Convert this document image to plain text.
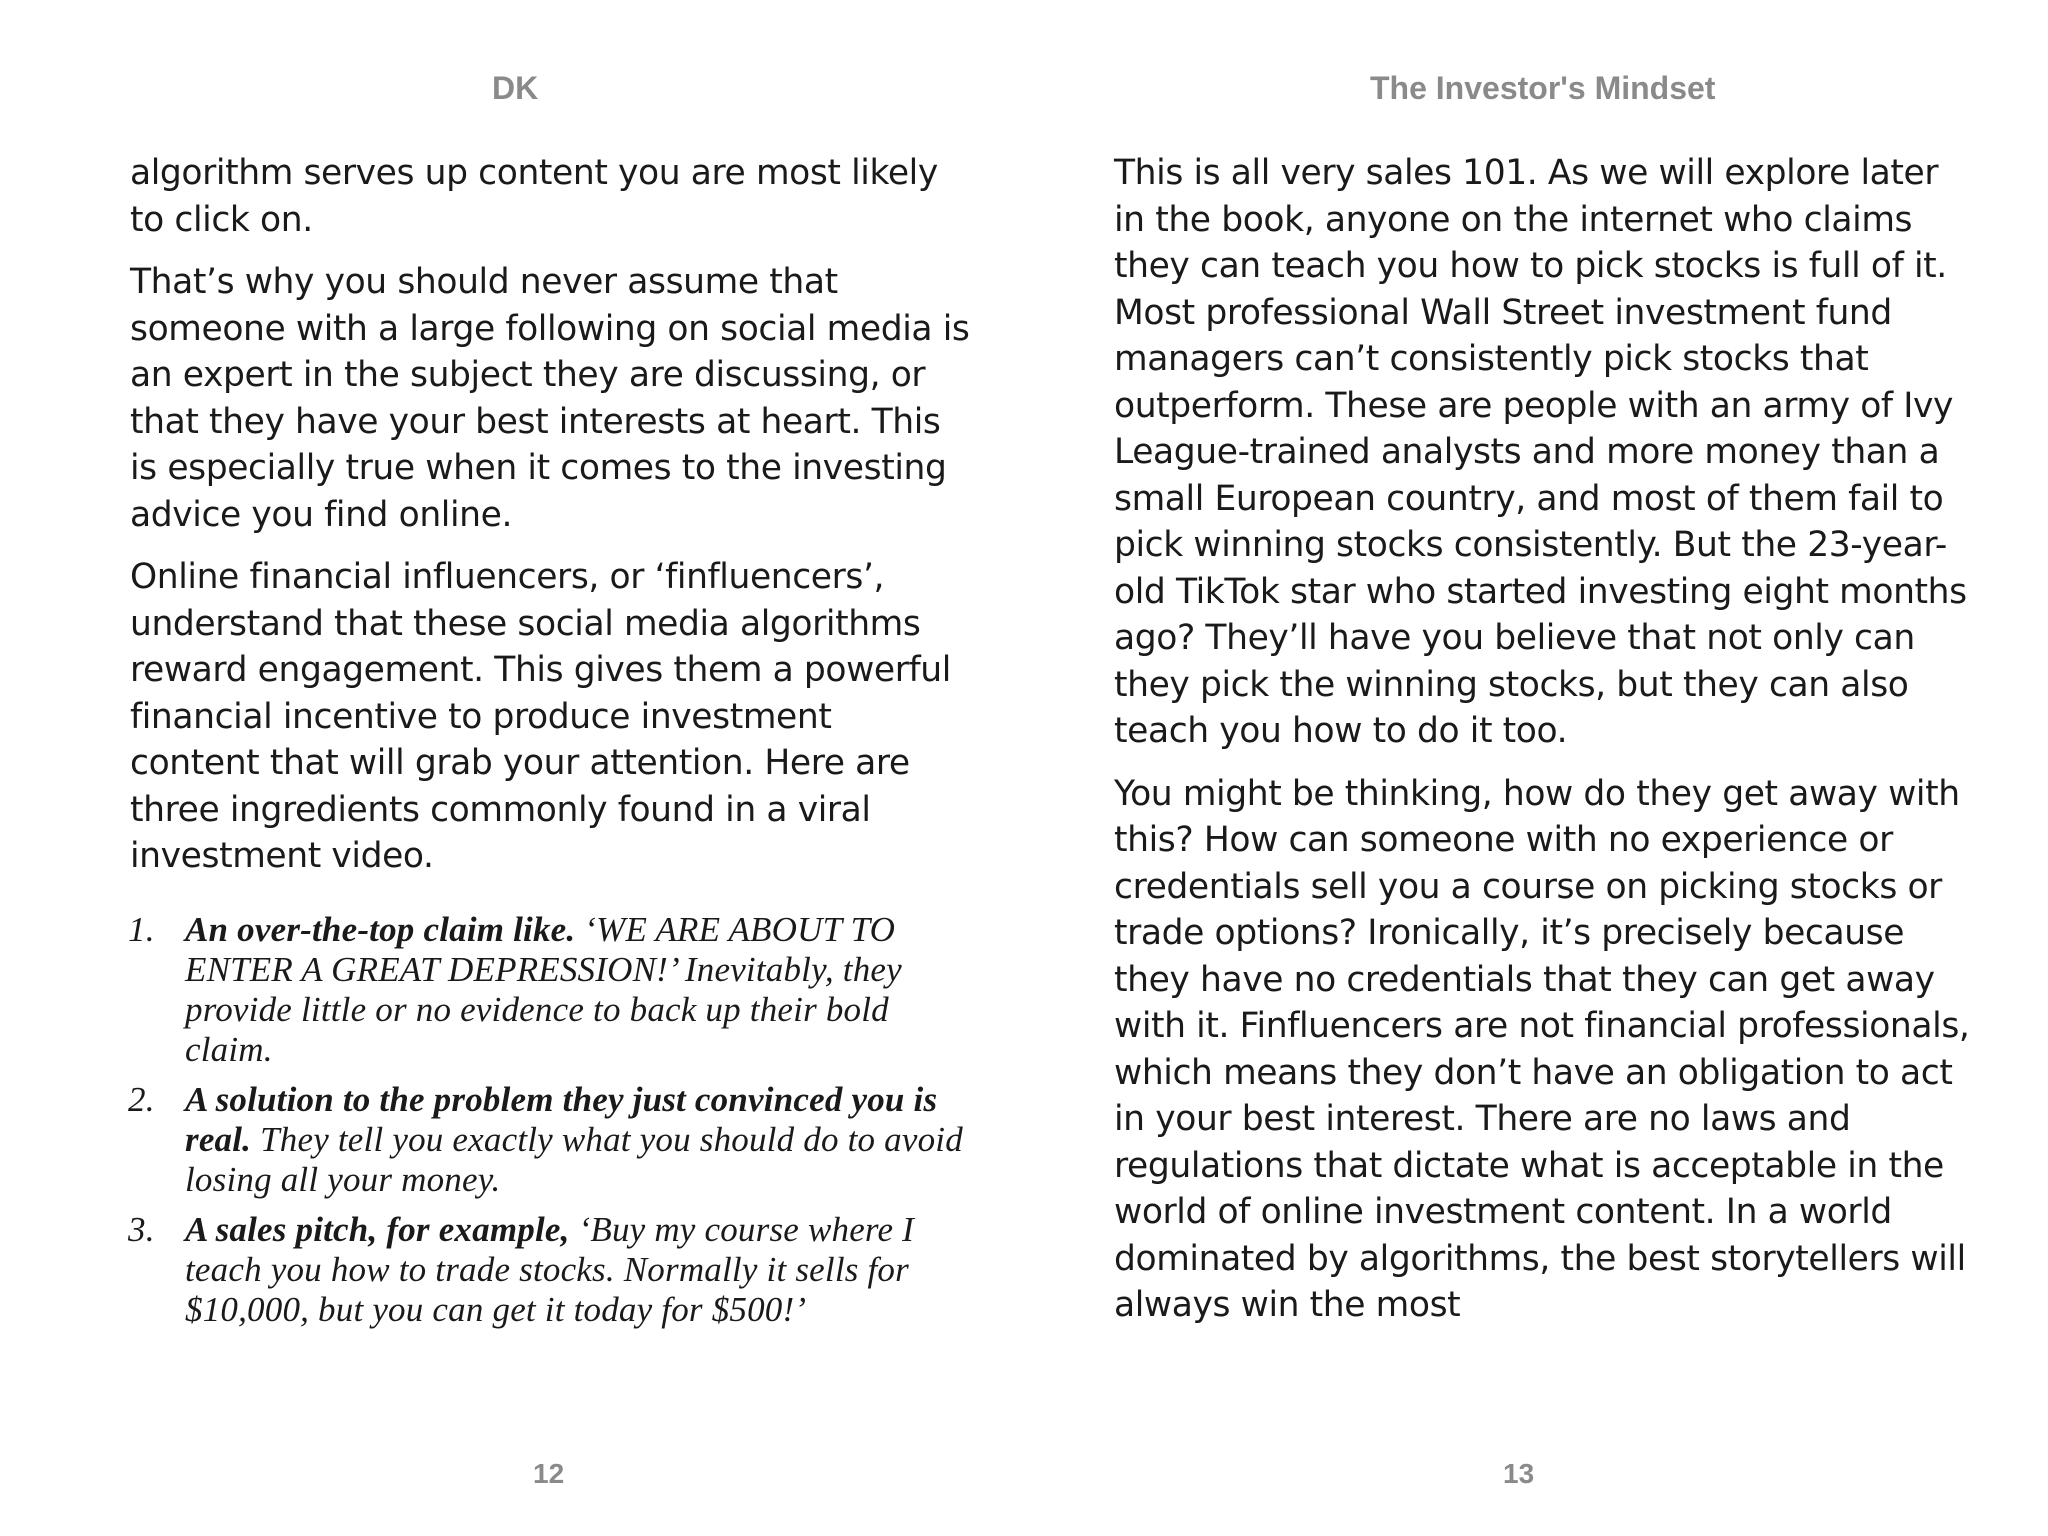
DK

algorithm serves up content you are most likely to click on.

That’s why you should never assume that someone with a large following on social media is an expert in the subject they are discussing, or that they have your best interests at heart. This is especially true when it comes to the investing advice you find online.

Online financial influencers, or ‘finfluencers’, understand that these social media algorithms reward engagement. This gives them a powerful financial incentive to produce investment content that will grab your attention. Here are three ingredients commonly found in a viral investment video.

1. An over-the-top claim like. ‘WE ARE ABOUT TO ENTER A GREAT DEPRESSION!’ Inevitably, they provide little or no evidence to back up their bold claim.
2. A solution to the problem they just convinced you is real. They tell you exactly what you should do to avoid losing all your money.
3. A sales pitch, for example, ‘Buy my course where I teach you how to trade stocks. Normally it sells for $10,000, but you can get it today for $500!’
12
The Investor's Mindset

This is all very sales 101. As we will explore later in the book, anyone on the internet who claims they can teach you how to pick stocks is full of it. Most professional Wall Street investment fund managers can’t consistently pick stocks that outperform. These are people with an army of Ivy League-trained analysts and more money than a small European country, and most of them fail to pick winning stocks consistently. But the 23-year-old TikTok star who started investing eight months ago? They’ll have you believe that not only can they pick the winning stocks, but they can also teach you how to do it too.

You might be thinking, how do they get away with this? How can someone with no experience or credentials sell you a course on picking stocks or trade options? Ironically, it’s precisely because they have no credentials that they can get away with it. Finfluencers are not financial professionals, which means they don’t have an obligation to act in your best interest. There are no laws and regulations that dictate what is acceptable in the world of online investment content. In a world dominated by algorithms, the best storytellers will always win the most

13
